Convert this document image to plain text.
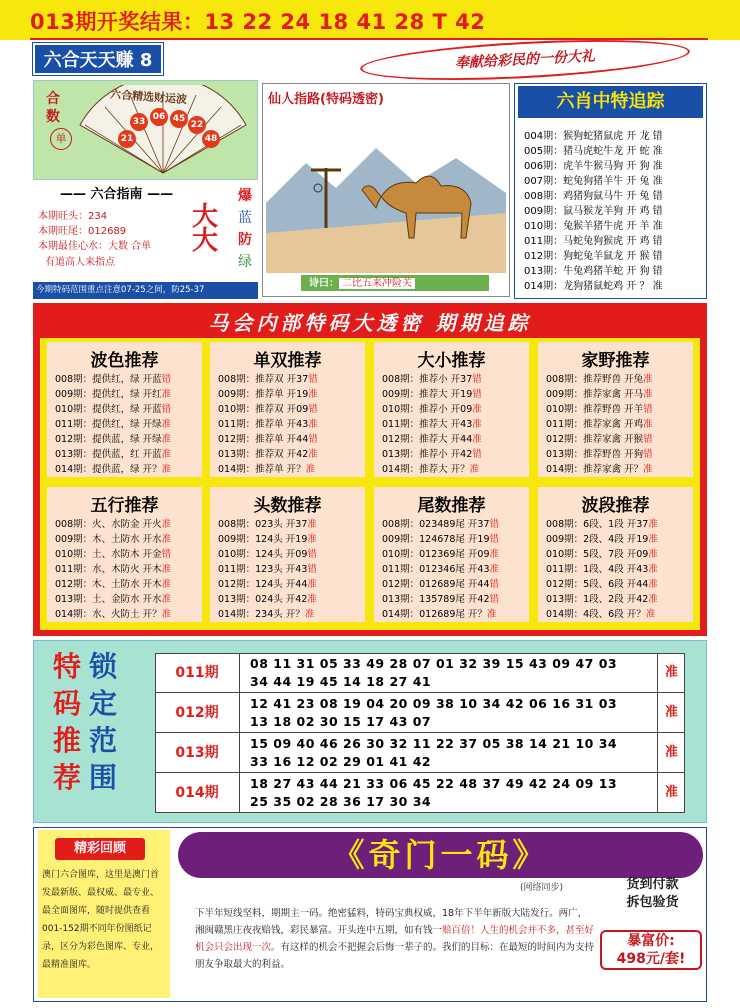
013期开奖结果：13 22 24 18 41 28 T 42
六合天天赚 8	奉献给彩民的一份大礼
合数
单
六合精选财运波
21
33 06 45
22
48
—— 六合指南 ——
本期旺头：234
本期旺尾：012689
本期最佳心水：大数 合单
有道高人来指点
大大
爆
蓝
防
绿
今期特码范围重点注意07-25之间，防25-37
仙人指路(特码透密)
诗曰： 二比五来冲险关
六肖中特追踪
004期：猴狗蛇猪鼠虎 开 龙 错
005期：猪马虎蛇牛龙 开 蛇 准
006期：虎羊牛猴马狗 开 狗 准
007期：蛇兔狗猪羊牛 开 兔 准
008期：鸡猪狗鼠马牛 开 兔 错
009期：鼠马猴龙羊狗 开 鸡 错
010期：兔猴羊猪牛虎 开 羊 准
011期：马蛇兔狗猴虎 开 鸡 错
012期：狗蛇兔羊鼠龙 开 猴 错
013期：牛兔鸡猪羊蛇 开 狗 错
014期：龙狗猪鼠蛇鸡 开 ？ 准
马会内部特码大透密 期期追踪
波色推荐
008期：提供红，绿 开蓝错
009期：提供红，绿 开红准
010期：提供红，绿 开蓝错
011期：提供红，绿 开绿准
012期：提供蓝，绿 开绿准
013期：提供蓝，红 开蓝准
014期：提供蓝，绿 开？准
单双推荐
008期：推荐双 开37错
009期：推荐单 开19准
010期：推荐双 开09错
011期：推荐单 开43准
012期：推荐单 开44错
013期：推荐双 开42准
014期：推荐单 开？准
大小推荐
008期：推荐小 开37错
009期：推荐大 开19错
010期：推荐小 开09准
011期：推荐大 开43准
012期：推荐大 开44准
013期：推荐小 开42错
014期：推荐大 开？准
家野推荐
008期：推荐野兽 开兔准
009期：推荐家禽 开马准
010期：推荐野兽 开羊错
011期：推荐家禽 开鸡准
012期：推荐家禽 开猴错
013期：推荐野兽 开狗错
014期：推荐家禽 开？准
五行推荐
008期：火、水防金 开火准
009期：木、土防水 开水准
010期：土、水防木 开金错
011期：水、木防火 开木准
012期：木、土防水 开木准
013期：土、金防水 开水准
014期：水、火防土 开？准
头数推荐
008期：023头 开37准
009期：124头 开19准
010期：124头 开09错
011期：123头 开43错
012期：124头 开44准
013期：024头 开42准
014期：234头 开？准
尾数推荐
008期：023489尾 开37错
009期：124678尾 开19错
010期：012369尾 开09准
011期：012346尾 开43准
012期：012689尾 开44错
013期：135789尾 开42错
014期：012689尾 开？准
波段推荐
008期：6段、1段 开37准
009期：2段、4段 开19准
010期：5段、7段 开09准
011期：1段、4段 开43准
012期：5段、6段 开44准
013期：1段、2段 开42准
014期：4段、6段 开？准
特 锁
码 定
推 范
荐 围
011期
08 11 31 05 33 49 28 07 01 32 39 15 43 09 47 03
34 44 19 45 14 18 27 41
准
012期
12 41 23 08 19 04 20 09 38 10 34 42 06 16 31 03
13 18 02 30 15 17 43 07
准
013期
15 09 40 46 26 30 32 11 22 37 05 38 14 21 10 34
33 16 12 02 29 01 41 42
准
014期
18 27 43 44 21 33 06 45 22 48 37 49 42 24 09 13
25 35 02 28 36 17 30 34
准
精彩回顾
澳门六合图库，这里是澳门首发最新版、最权威、最专业、最全面图库，随时提供查看001-152期不同年份图纸记录，区分为彩色图库、专业，最精准图库。
《奇门一码》
(网络同步)
下半年短线坚料，期期主一码。绝密猛料，特码宝典权威，18年下半年新版大陆发行。两广，湘闽赣黑庄夜夜赔钱，彩民暴富。开头连中五期，如有钱一赔百倍！人生的机会并不多，甚至好机会只会出现一次。有这样的机会不把握会后悔一辈子的。我们的目标：在最短的时间内为支持朋友争取最大的利益。
货到付款
拆包验货
暴富价:
498元/套!
